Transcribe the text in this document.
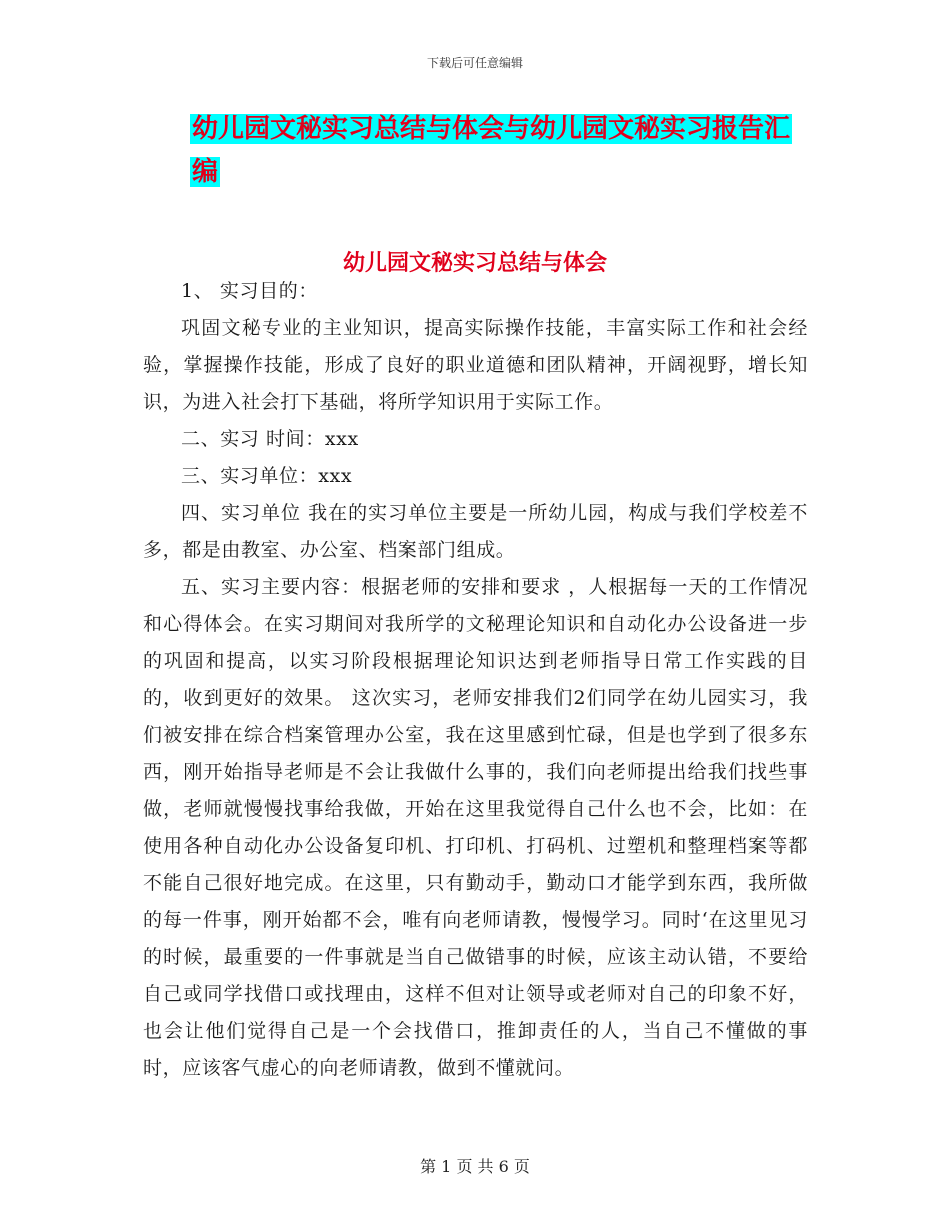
下载后可任意编辑
幼儿园文秘实习总结与体会与幼儿园文秘实习报告汇
编
幼儿园文秘实习总结与体会

1、 实习目的：

巩固文秘专业的主业知识，提高实际操作技能，丰富实际工作和社会经验，掌握操作技能，形成了良好的职业道德和团队精神，开阔视野，增长知识，为进入社会打下基础，将所学知识用于实际工作。

二、实习 时间：xxx

三、实习单位：xxx

四、实习单位 我在的实习单位主要是一所幼儿园，构成与我们学校差不多，都是由教室、办公室、档案部门组成。

五、实习主要内容：根据老师的安排和要求 ，人根据每一天的工作情况和心得体会。在实习期间对我所学的文秘理论知识和自动化办公设备进一步的巩固和提高，以实习阶段根据理论知识达到老师指导日常工作实践的目的，收到更好的效果。 这次实习，老师安排我们2们同学在幼儿园实习，我们被安排在综合档案管理办公室，我在这里感到忙碌，但是也学到了很多东西，刚开始指导老师是不会让我做什么事的，我们向老师提出给我们找些事做，老师就慢慢找事给我做，开始在这里我觉得自己什么也不会，比如：在使用各种自动化办公设备复印机、打印机、打码机、过塑机和整理档案等都不能自己很好地完成。在这里，只有勤动手，勤动口才能学到东西，我所做的每一件事，刚开始都不会，唯有向老师请教，慢慢学习。同时‘在这里见习的时候，最重要的一件事就是当自己做错事的时候，应该主动认错，不要给自己或同学找借口或找理由，这样不但对让领导或老师对自己的印象不好，也会让他们觉得自己是一个会找借口，推卸责任的人，当自己不懂做的事时，应该客气虚心的向老师请教，做到不懂就问。

第 1 页 共 6 页
